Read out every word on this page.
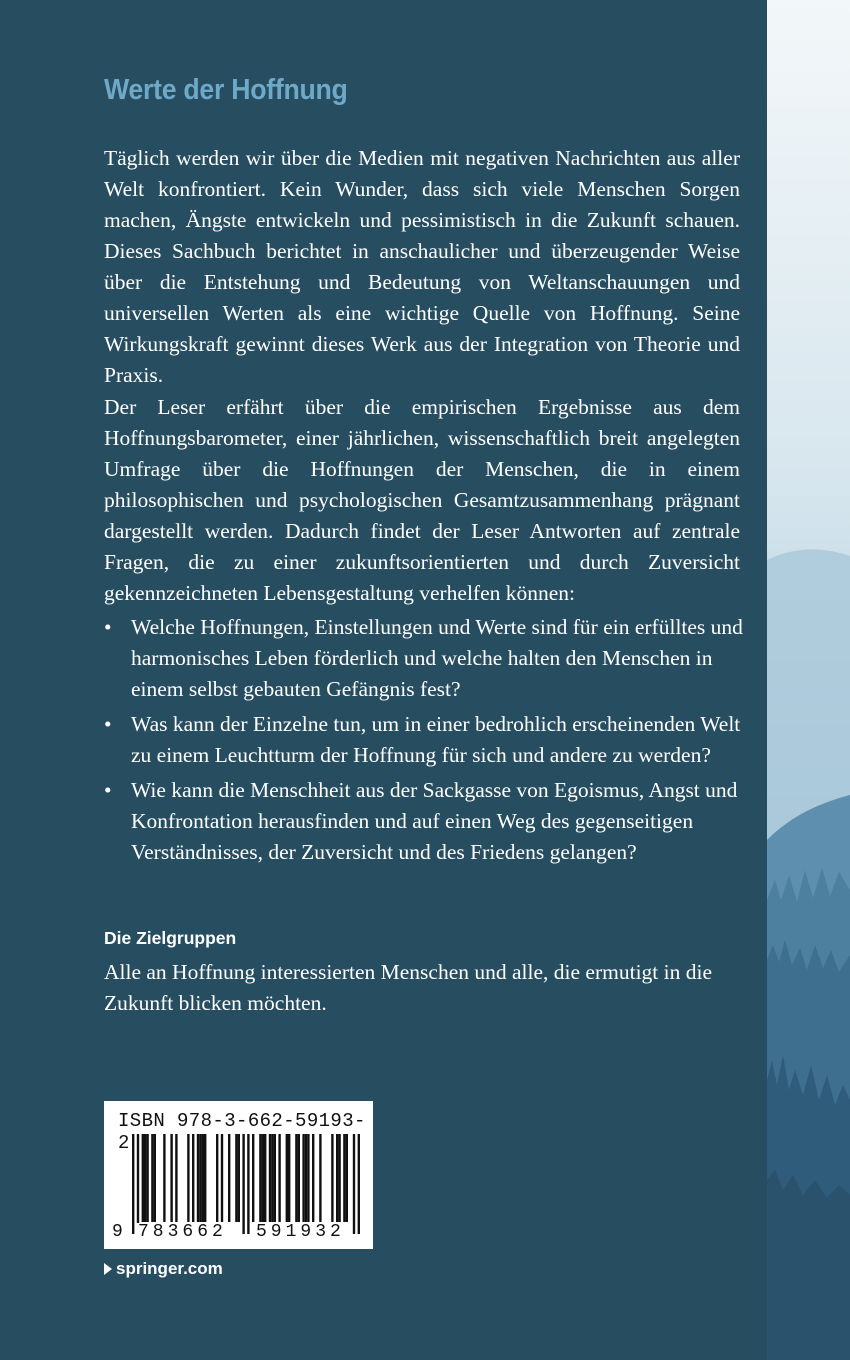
Werte der Hoffnung

Täglich werden wir über die Medien mit negativen Nachrichten aus aller Welt konfrontiert. Kein Wunder, dass sich viele Menschen Sorgen machen, Ängste entwickeln und pessimistisch in die Zukunft schauen. Dieses Sachbuch berichtet in anschaulicher und überzeugender Weise über die Entstehung und Bedeutung von Weltanschauungen und universellen Werten als eine wichtige Quelle von Hoffnung. Seine Wirkungskraft gewinnt dieses Werk aus der Integration von Theorie und Praxis.

Der Leser erfährt über die empirischen Ergebnisse aus dem Hoffnungsbarometer, einer jährlichen, wissenschaftlich breit angelegten Umfrage über die Hoffnungen der Menschen, die in einem philosophischen und psychologischen Gesamtzusammenhang prägnant dargestellt werden. Dadurch findet der Leser Antworten auf zentrale Fragen, die zu einer zukunftsorientierten und durch Zuversicht gekennzeichneten Lebensgestaltung verhelfen können:

• Welche Hoffnungen, Einstellungen und Werte sind für ein erfülltes und harmonisches Leben förderlich und welche halten den Menschen in einem selbst gebauten Gefängnis fest?
• Was kann der Einzelne tun, um in einer bedrohlich erscheinenden Welt zu einem Leuchtturm der Hoffnung für sich und andere zu werden?
• Wie kann die Menschheit aus der Sackgasse von Egoismus, Angst und Konfrontation herausfinden und auf einen Weg des gegenseitigen Verständnisses, der Zuversicht und des Friedens gelangen?
Die Zielgruppen

Alle an Hoffnung interessierten Menschen und alle, die ermutigt in die Zukunft blicken möchten.

ISBN 978-3-662-59193-2

9 783662 591932

springer.com
